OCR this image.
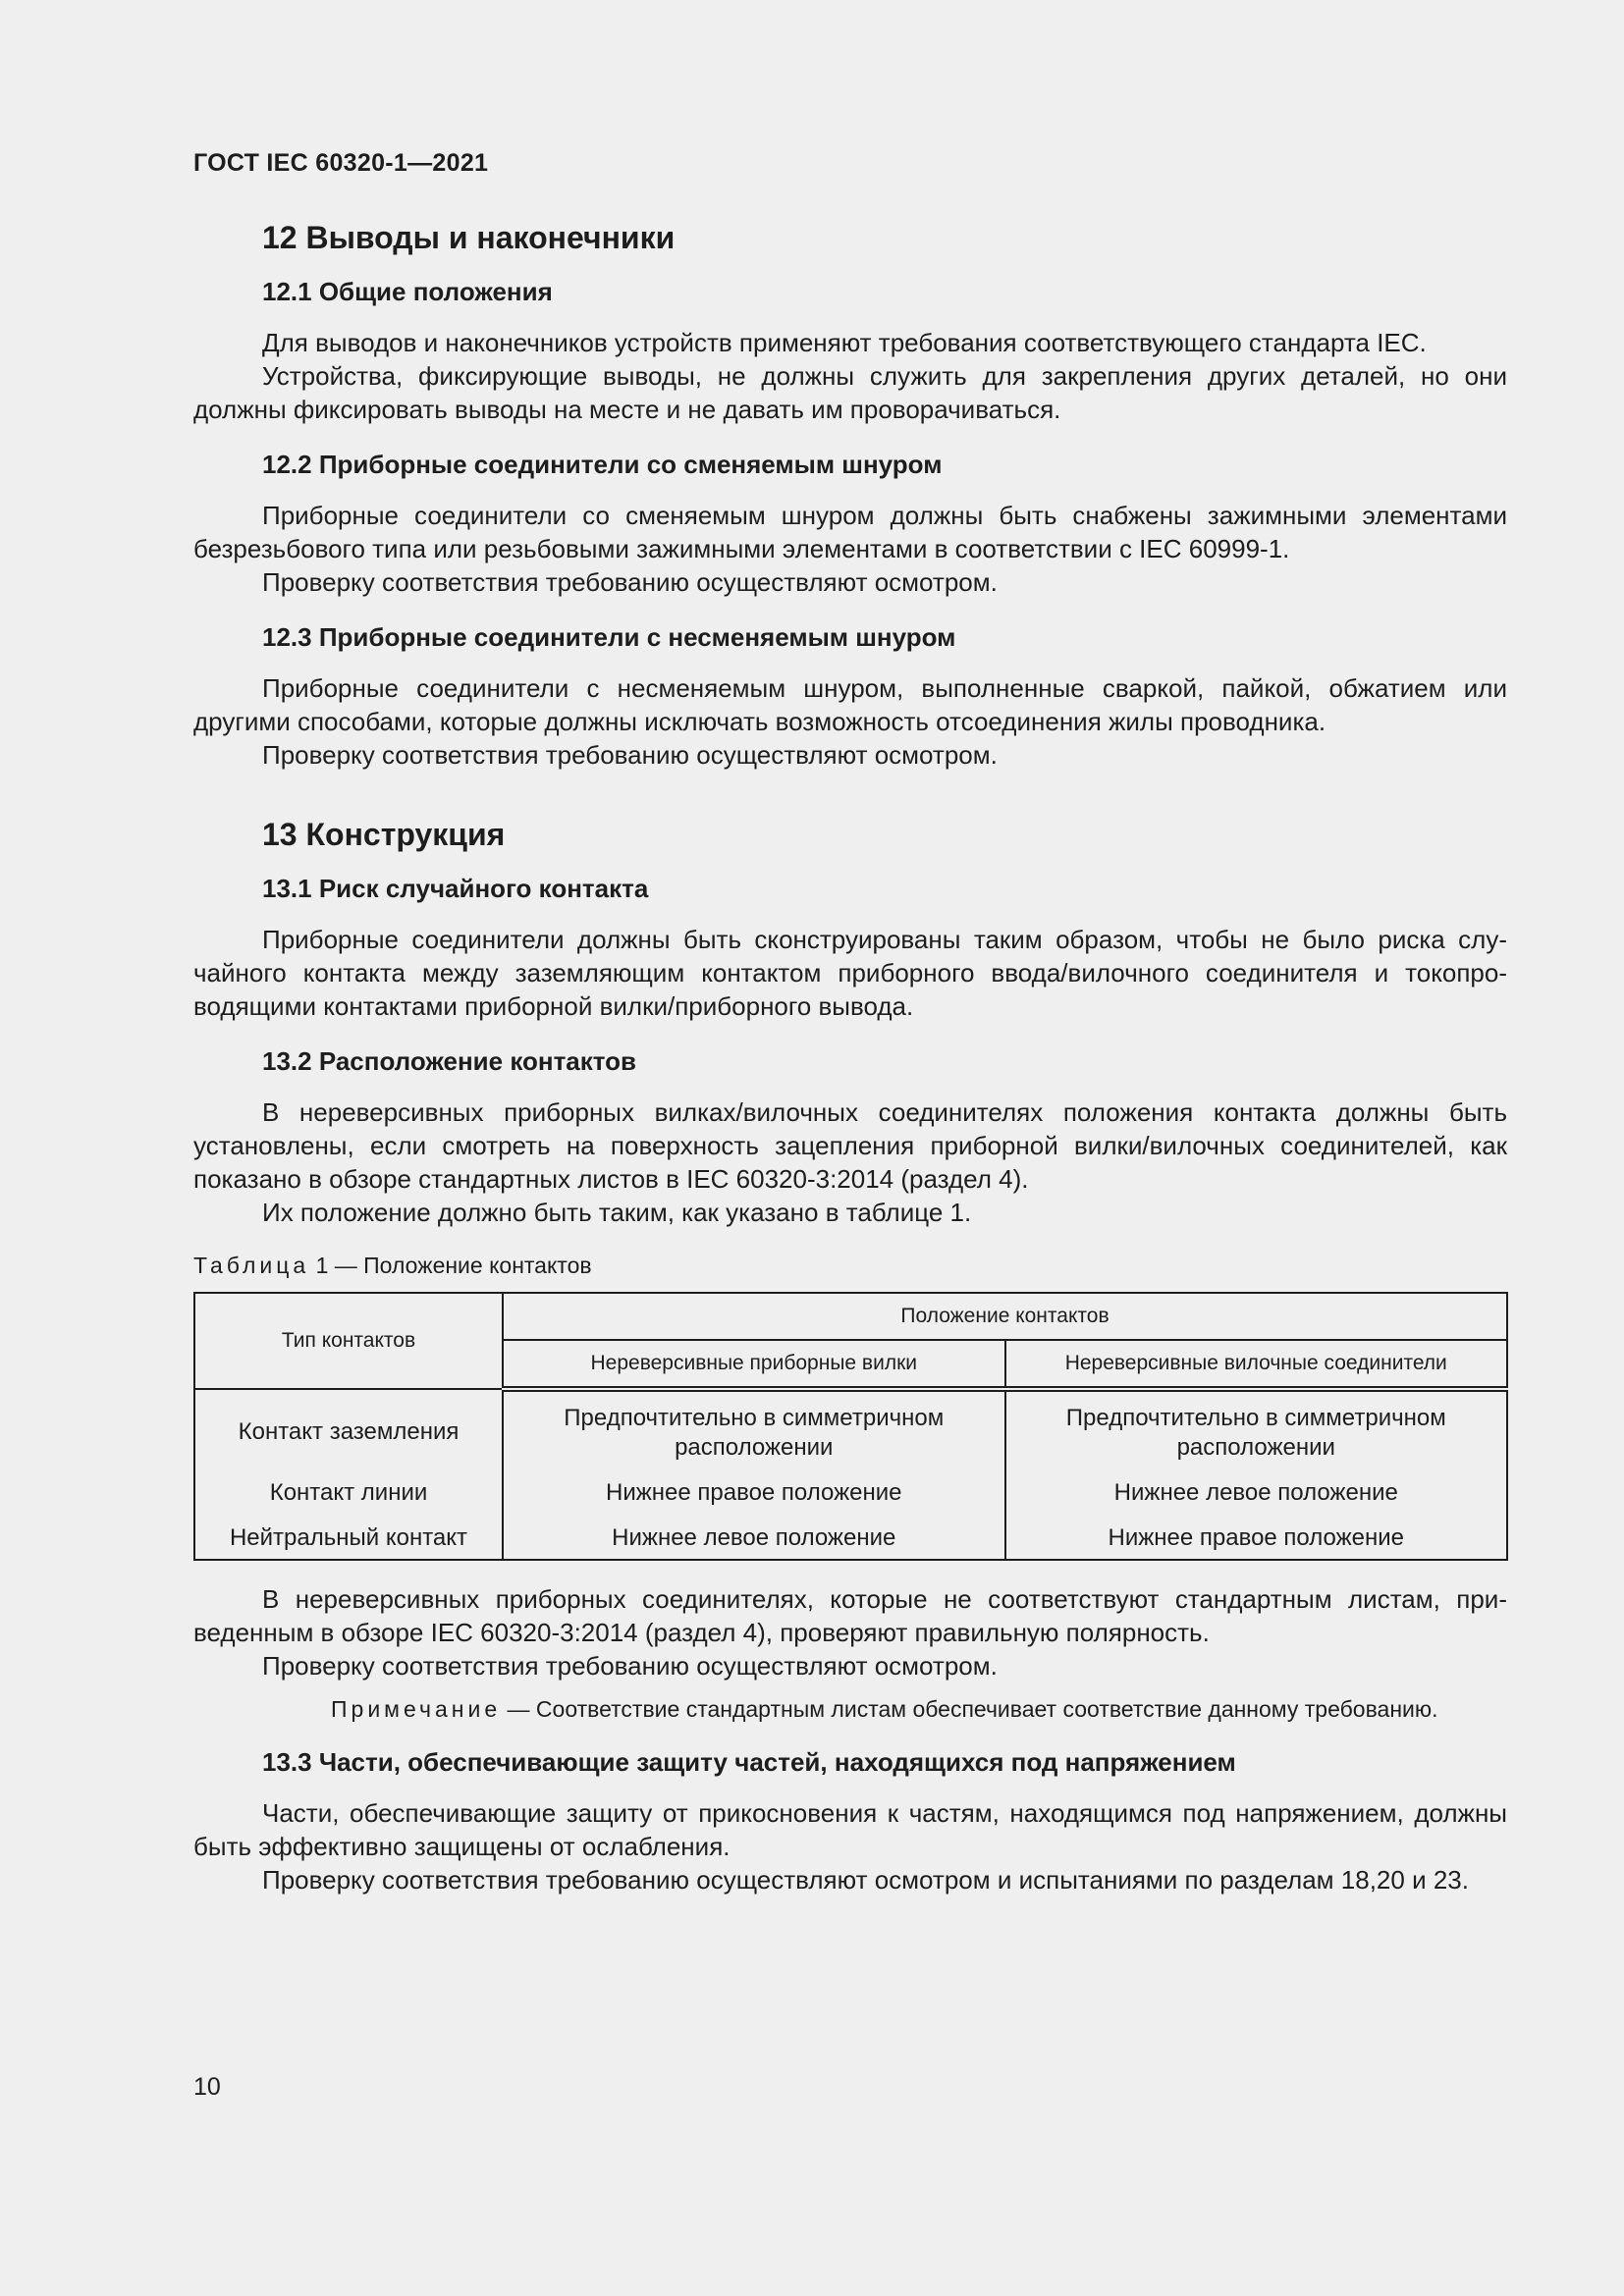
ГОСТ IEC 60320-1—2021
12 Выводы и наконечники
12.1 Общие положения

Для выводов и наконечников устройств применяют требования соответствующего стандарта IEC.

Устройства, фиксирующие выводы, не должны служить для закрепления других деталей, но они должны фиксировать выводы на месте и не давать им проворачиваться.

12.2 Приборные соединители со сменяемым шнуром

Приборные соединители со сменяемым шнуром должны быть снабжены зажимными элементами безрезьбового типа или резьбовыми зажимными элементами в соответствии с IEC 60999-1.

Проверку соответствия требованию осуществляют осмотром.

12.3 Приборные соединители с несменяемым шнуром

Приборные соединители с несменяемым шнуром, выполненные сваркой, пайкой, обжатием или другими способами, которые должны исключать возможность отсоединения жилы проводника.

Проверку соответствия требованию осуществляют осмотром.

13 Конструкция
13.1 Риск случайного контакта

Приборные соединители должны быть сконструированы таким образом, чтобы не было риска случайного контакта между заземляющим контактом приборного ввода/вилочного соединителя и токопроводящими контактами приборной вилки/приборного вывода.

13.2 Расположение контактов

В нереверсивных приборных вилках/вилочных соединителях положения контакта должны быть установлены, если смотреть на поверхность зацепления приборной вилки/вилочных соединителей, как показано в обзоре стандартных листов в IEC 60320-3:2014 (раздел 4).

Их положение должно быть таким, как указано в таблице 1.

Таблица 1 — Положение контактов

Тип контактов	Положение контактов	
	Нереверсивные приборные вилки	Нереверсивные вилочные соединители
Контакт заземления	Предпочтительно в симметричном расположении	Предпочтительно в симметричном расположении
Контакт линии	Нижнее правое положение	Нижнее левое положение
Нейтральный контакт	Нижнее левое положение	Нижнее правое положение

В нереверсивных приборных соединителях, которые не соответствуют стандартным листам, приведенным в обзоре IEC 60320-3:2014 (раздел 4), проверяют правильную полярность.

Проверку соответствия требованию осуществляют осмотром.

Примечание — Соответствие стандартным листам обеспечивает соответствие данному требованию.

13.3 Части, обеспечивающие защиту частей, находящихся под напряжением

Части, обеспечивающие защиту от прикосновения к частям, находящимся под напряжением, должны быть эффективно защищены от ослабления.

Проверку соответствия требованию осуществляют осмотром и испытаниями по разделам 18,20 и 23.

10
